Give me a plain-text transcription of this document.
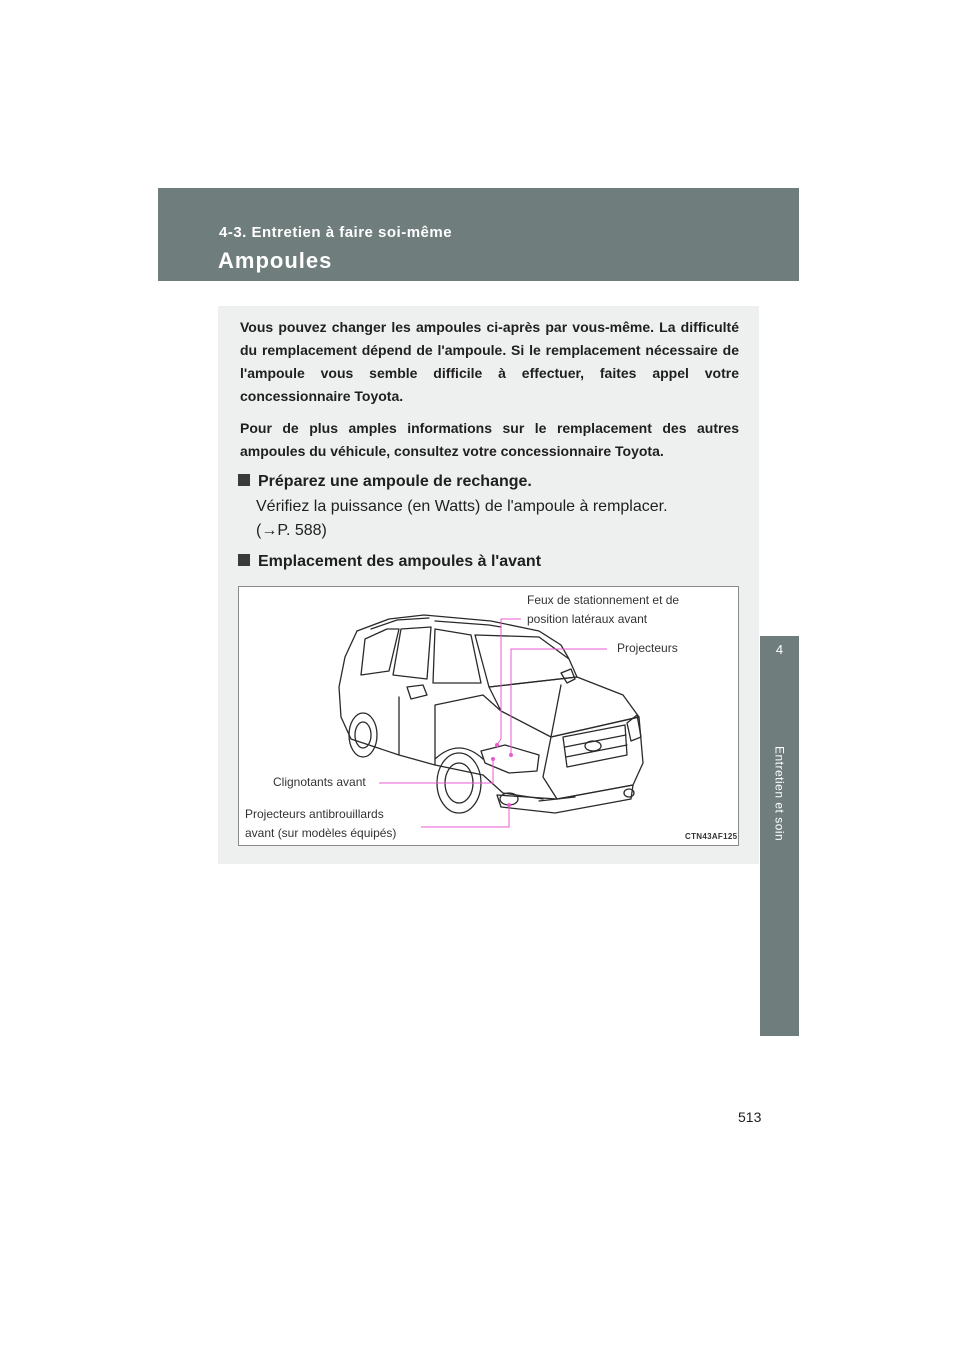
4-3. Entretien à faire soi-même
Ampoules
4
Entretien et soin

Vous pouvez changer les ampoules ci-après par vous-même. La difficulté du remplacement dépend de l'ampoule. Si le remplacement nécessaire de l'ampoule vous semble difficile à effectuer, faites appel votre concessionnaire Toyota.

Pour de plus amples informations sur le remplacement des autres ampoules du véhicule, consultez votre concessionnaire Toyota.

Préparez une ampoule de rechange.
Vérifiez la puissance (en Watts) de l'ampoule à remplacer.
(→P. 588)
Emplacement des ampoules à l'avant
Feux de stationnement et de
position latéraux avant
Projecteurs
Clignotants avant
Projecteurs antibrouillards
avant (sur modèles équipés)	CTN43AF125
513
